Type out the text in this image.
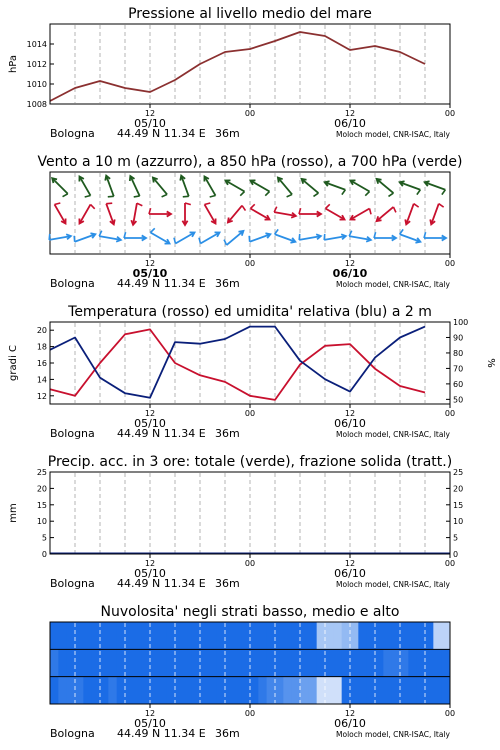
Pressione al livello medio del mare
1008
1010
1012
1014
hPa
12	00	12	00
05/10	06/10
Bologna 44.49 N 11.34 E 36m	Moloch model, CNR-ISAC, Italy
Vento a 10 m (azzurro), a 850 hPa (rosso), a 700 hPa (verde)
12	00	12	00
05/10	06/10
Bologna 44.49 N 11.34 E 36m	Moloch model, CNR-ISAC, Italy
Temperatura (rosso) ed umidita' relativa (blu) a 2 m
12
14
16
18
20
50
60
70
80
90
100
gradi C	%
12	00	12	00
05/10	06/10
Bologna 44.49 N 11.34 E 36m	Moloch model, CNR-ISAC, Italy
Precip. acc. in 3 ore: totale (verde), frazione solida (tratt.)
0
5
10
15
20
25
0
5
10
15
20
25
mm
12	00	12	00
05/10	06/10
Bologna 44.49 N 11.34 E 36m	Moloch model, CNR-ISAC, Italy
Nuvolosita' negli strati basso, medio e alto
12	00	12	00
05/10	06/10
Bologna 44.49 N 11.34 E 36m	Moloch model, CNR-ISAC, Italy
